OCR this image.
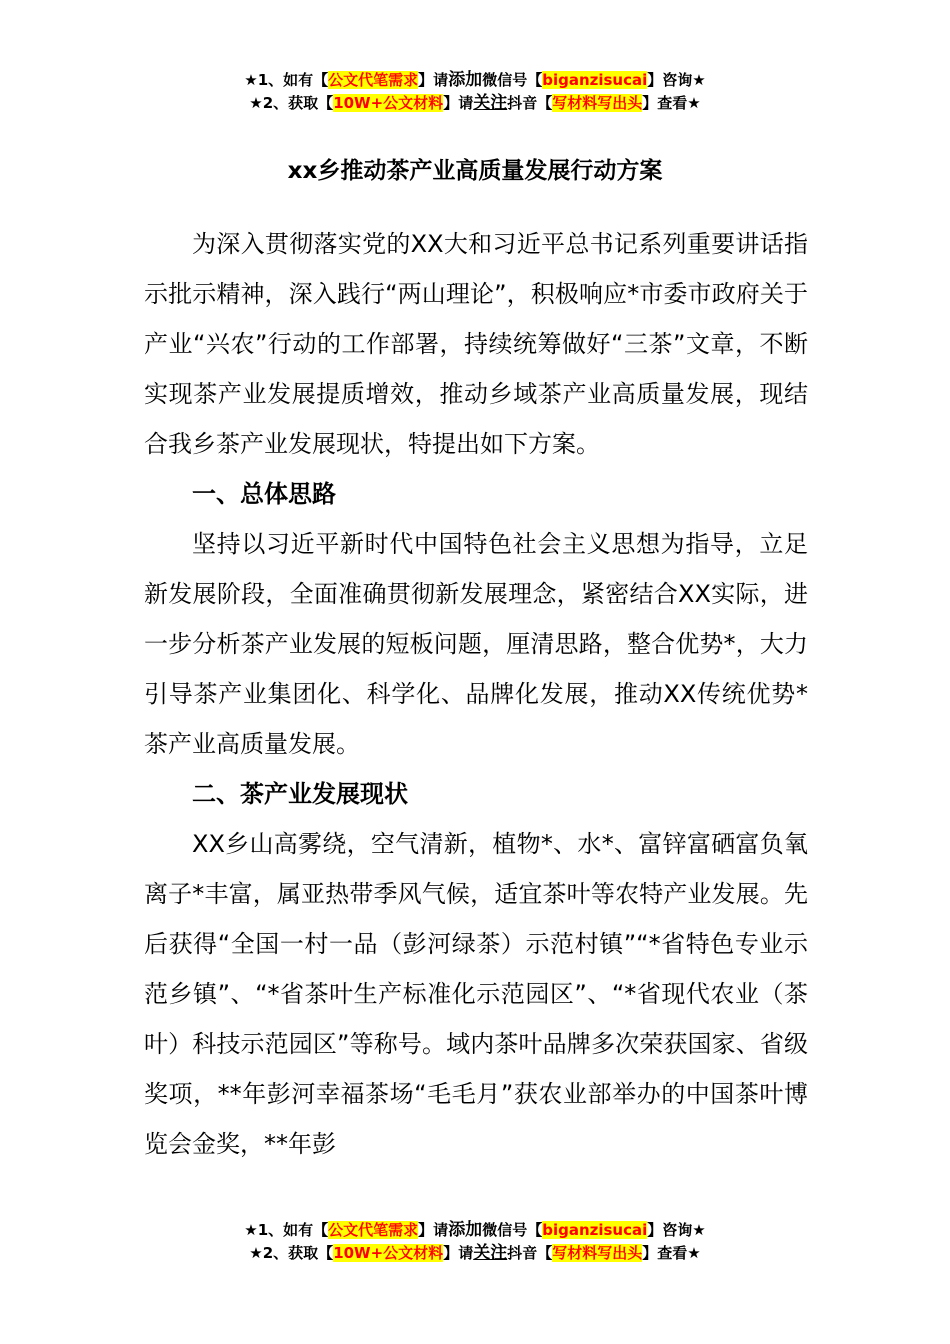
★1、如有【公文代笔需求】请添加微信号【biganzisucai】咨询★
★2、获取【10W+公文材料】请关注抖音【写材料写出头】查看★
xx乡推动茶产业高质量发展行动方案

为深入贯彻落实党的XX大和习近平总书记系列重要讲话指示批示精神，深入践行“两山理论”，积极响应*市委市政府关于产业“兴农”行动的工作部署，持续统筹做好“三茶”文章，不断实现茶产业发展提质增效，推动乡域茶产业高质量发展，现结合我乡茶产业发展现状，特提出如下方案。

一、总体思路

坚持以习近平新时代中国特色社会主义思想为指导，立足新发展阶段，全面准确贯彻新发展理念，紧密结合XX实际，进一步分析茶产业发展的短板问题，厘清思路，整合优势*，大力引导茶产业集团化、科学化、品牌化发展，推动XX传统优势*茶产业高质量发展。

二、茶产业发展现状

XX乡山高雾绕，空气清新，植物*、水*、富锌富硒富负氧离子*丰富，属亚热带季风气候，适宜茶叶等农特产业发展。先后获得“全国一村一品（彭河绿茶）示范村镇”“*省特色专业示范乡镇”、“*省茶叶生产标准化示范园区”、“*省现代农业（茶叶）科技示范园区”等称号。域内茶叶品牌多次荣获国家、省级奖项，**年彭河幸福茶场“毛毛月”获农业部举办的中国茶叶博览会金奖，**年彭

★1、如有【公文代笔需求】请添加微信号【biganzisucai】咨询★
★2、获取【10W+公文材料】请关注抖音【写材料写出头】查看★
